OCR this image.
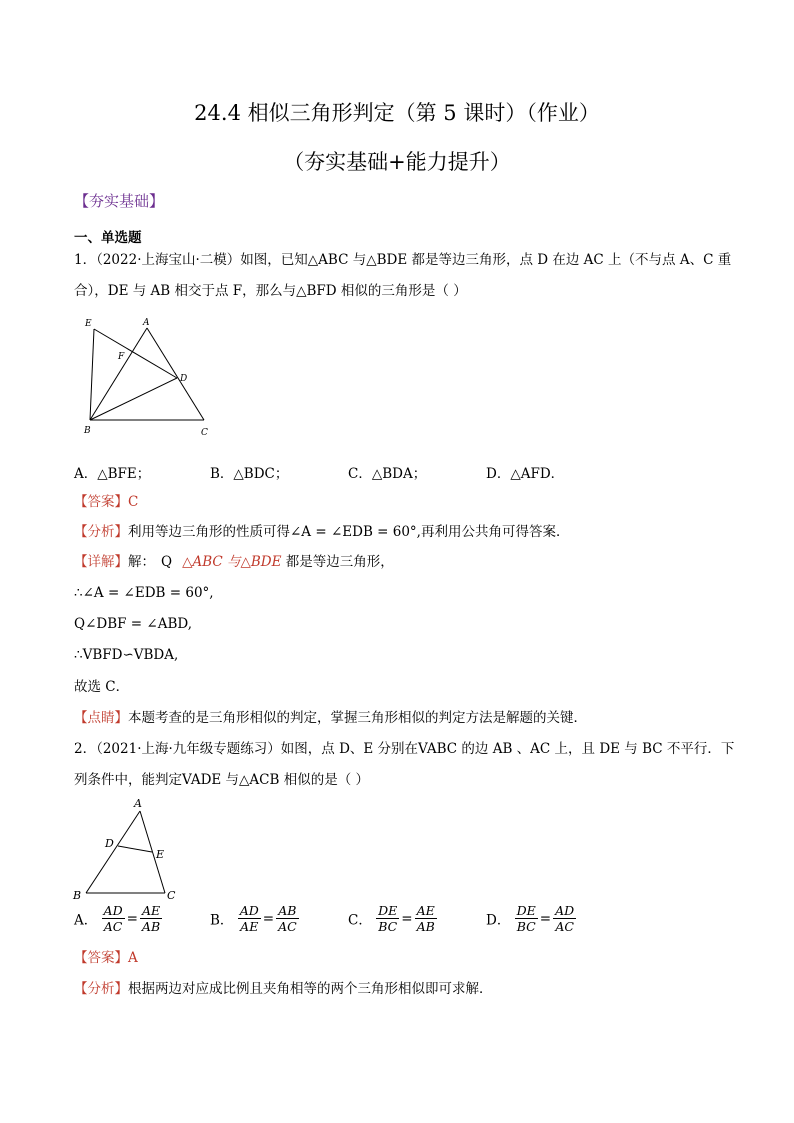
24.4 相似三角形判定（第 5 课时）（作业）
（夯实基础+能力提升）
【夯实基础】
一、单选题
1．（2022·上海宝山·二模）如图，已知△ABC 与△BDE 都是等边三角形，点 D 在边 AC 上（不与点 A、C 重
合），DE 与 AB 相交于点 F，那么与△BFD 相似的三角形是（ ）
E	A
F
D
B	C
A．△BFE；	B．△BDC；	C．△BDA；	D．△AFD．
【答案】C
【分析】利用等边三角形的性质可得∠A = ∠EDB = 60°,再利用公共角可得答案．
【详解】解： Q △ABC 与△BDE 都是等边三角形，
∴∠A = ∠EDB = 60°,
Q∠DBF = ∠ABD,
∴VBFD∽VBDA,
故选 C．
【点睛】本题考查的是三角形相似的判定，掌握三角形相似的判定方法是解题的关键．
2．（2021·上海·九年级专题练习）如图，点 D、E 分别在VABC 的边 AB 、AC 上，且 DE 与 BC 不平行．下
列条件中，能判定VADE 与△ACB 相似的是（ ）
A
D
E
B	C
A． $\frac{AD}{AC} = \frac{AE}{AB}$	B． $\frac{AD}{AE} = \frac{AB}{AC}$	C． $\frac{DE}{BC} = \frac{AE}{AB}$	D． $\frac{DE}{BC} = \frac{AD}{AC}$
【答案】A
【分析】根据两边对应成比例且夹角相等的两个三角形相似即可求解．
